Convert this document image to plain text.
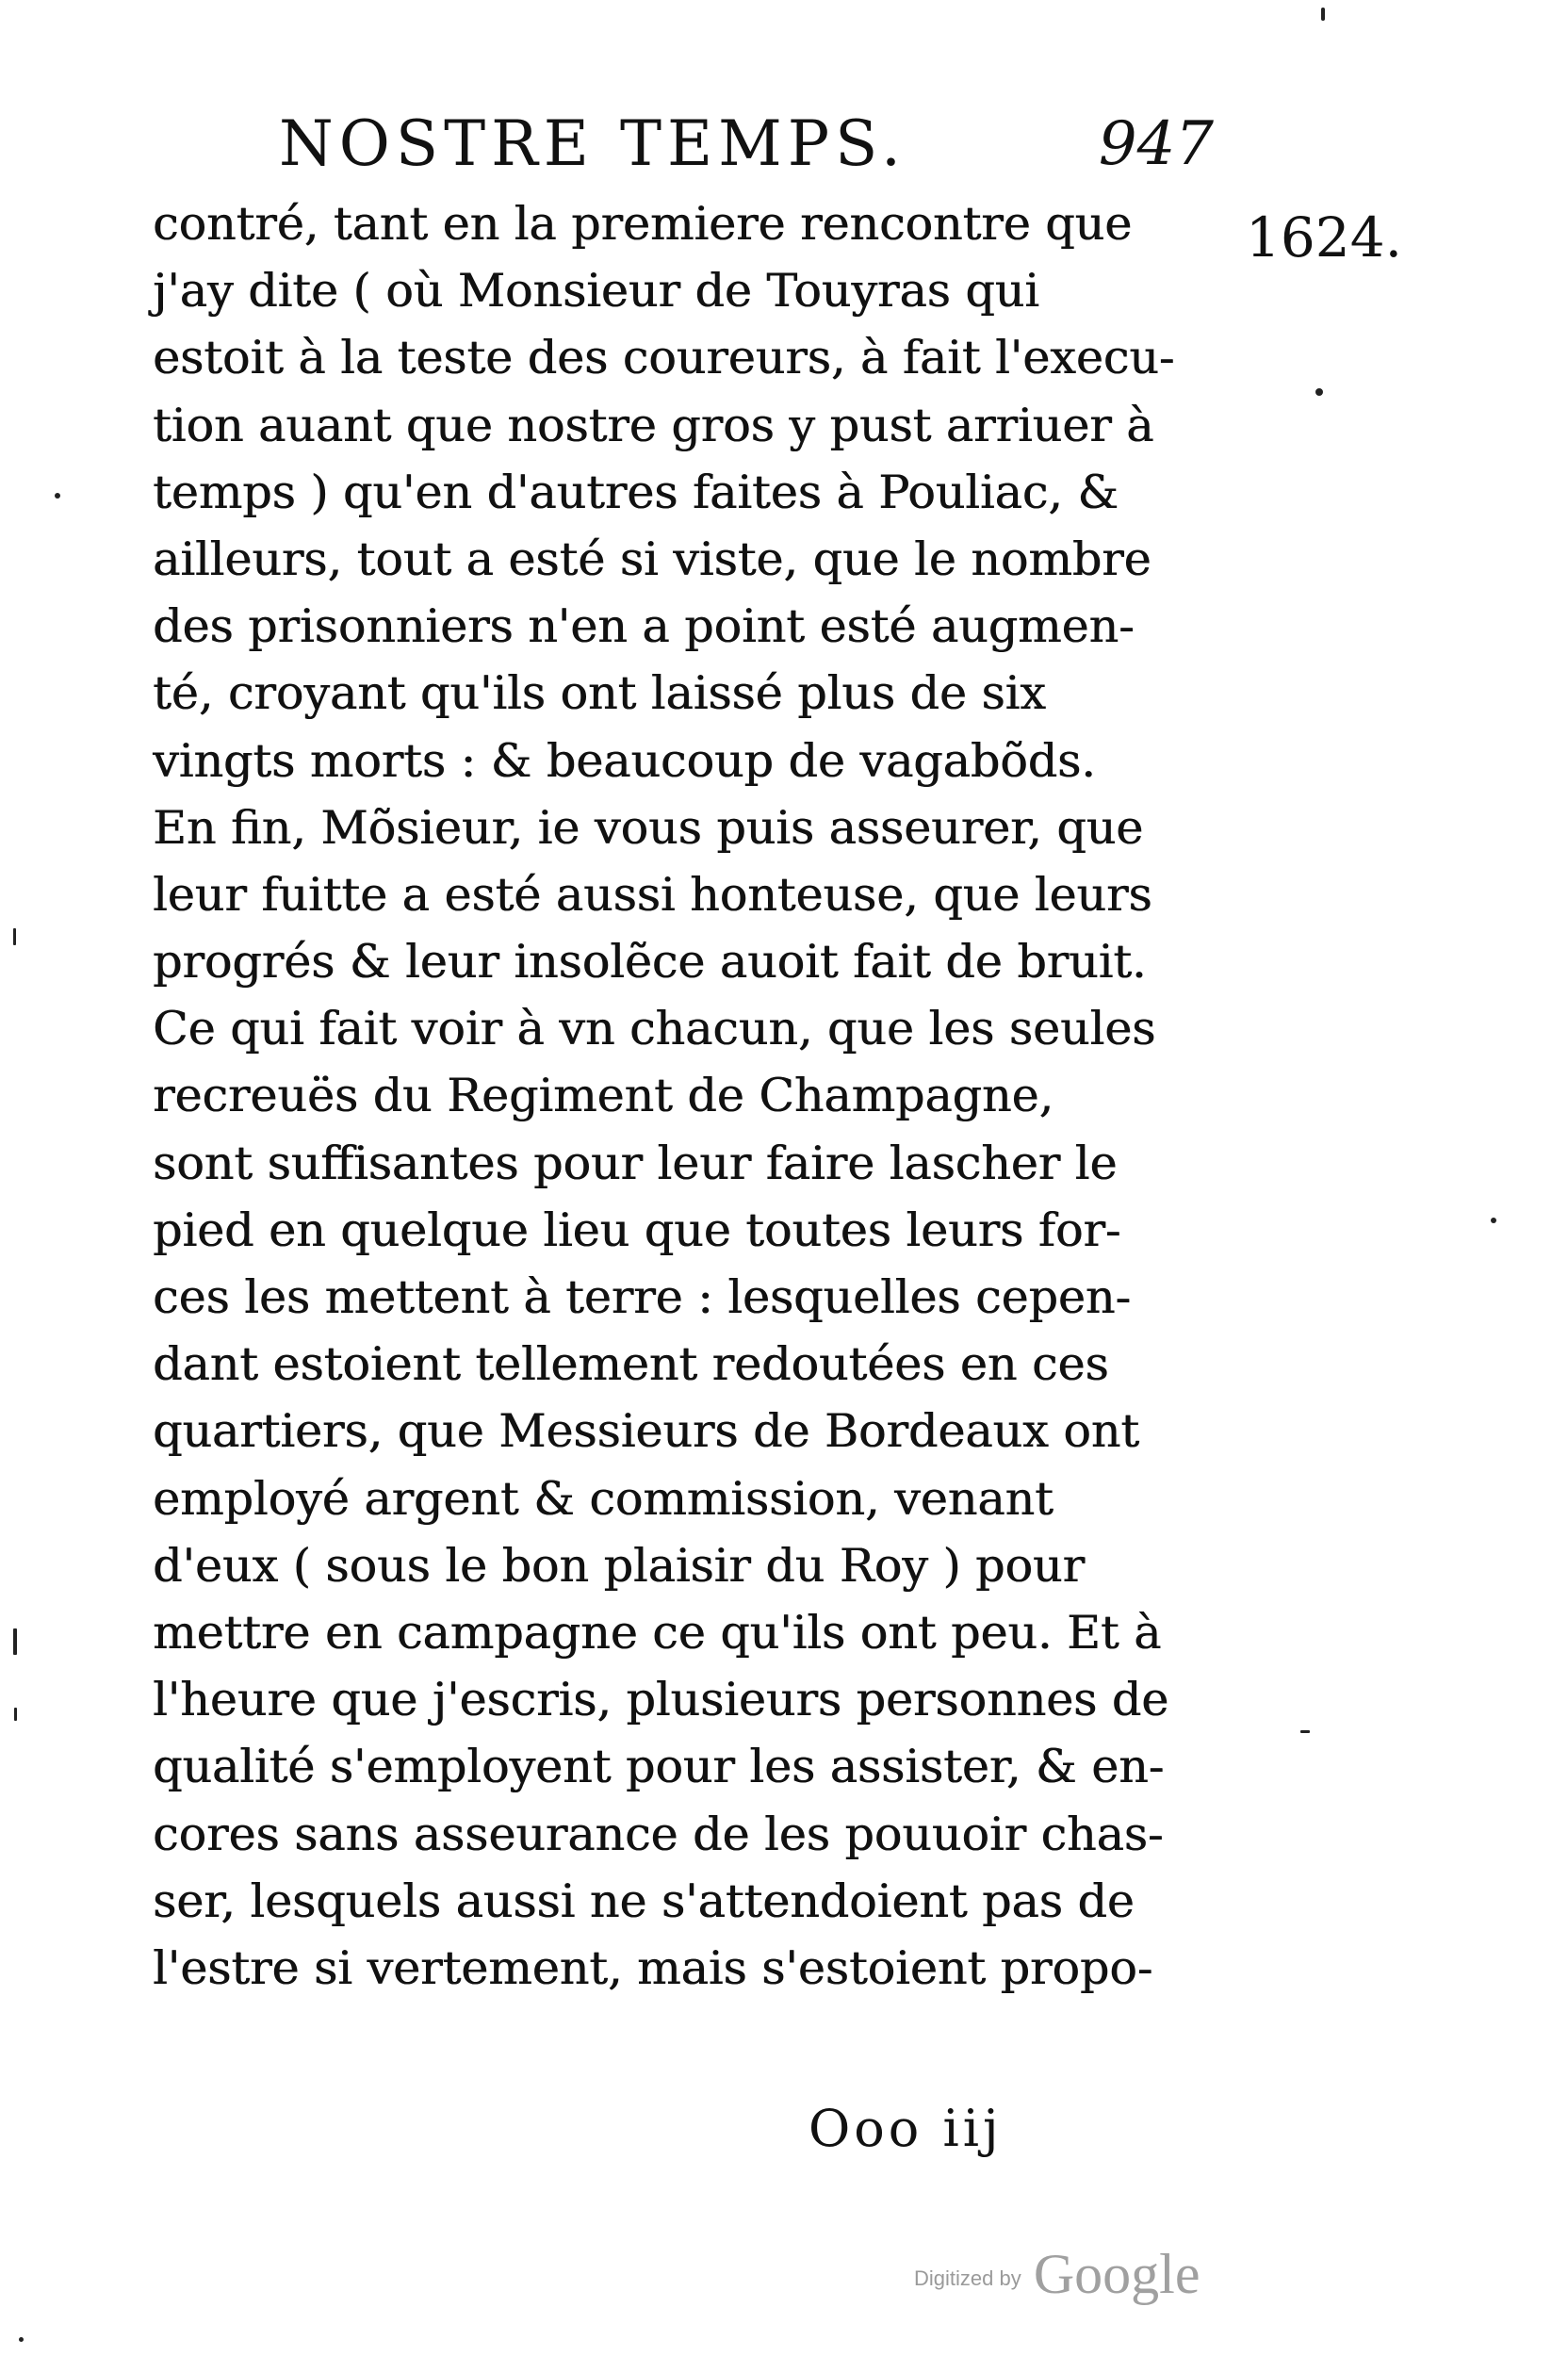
NOSTRE TEMPS.	947
1624.
contré, tant en la premiere rencontre que
j'ay dite ( où Monsieur de Touyras qui
estoit à la teste des coureurs, à fait l'execu-
tion auant que nostre gros y pust arriuer à
temps ) qu'en d'autres faites à Pouliac, &
ailleurs, tout a esté si viste, que le nombre
des prisonniers n'en a point esté augmen-
té, croyant qu'ils ont laissé plus de six
vingts morts : & beaucoup de vagabõds.
En fin, Mõsieur, ie vous puis asseurer, que
leur fuitte a esté aussi honteuse, que leurs
progrés & leur insolẽce auoit fait de bruit.
Ce qui fait voir à vn chacun, que les seules
recreuës du Regiment de Champagne,
sont suffisantes pour leur faire lascher le
pied en quelque lieu que toutes leurs for-
ces les mettent à terre : lesquelles cepen-
dant estoient tellement redoutées en ces
quartiers, que Messieurs de Bordeaux ont
employé argent & commission, venant
d'eux ( sous le bon plaisir du Roy ) pour
mettre en campagne ce qu'ils ont peu. Et à
l'heure que j'escris, plusieurs personnes de
qualité s'employent pour les assister, & en-
cores sans asseurance de les pouuoir chas-
ser, lesquels aussi ne s'attendoient pas de
l'estre si vertement, mais s'estoient propo-
Ooo iij
Digitized by Google
